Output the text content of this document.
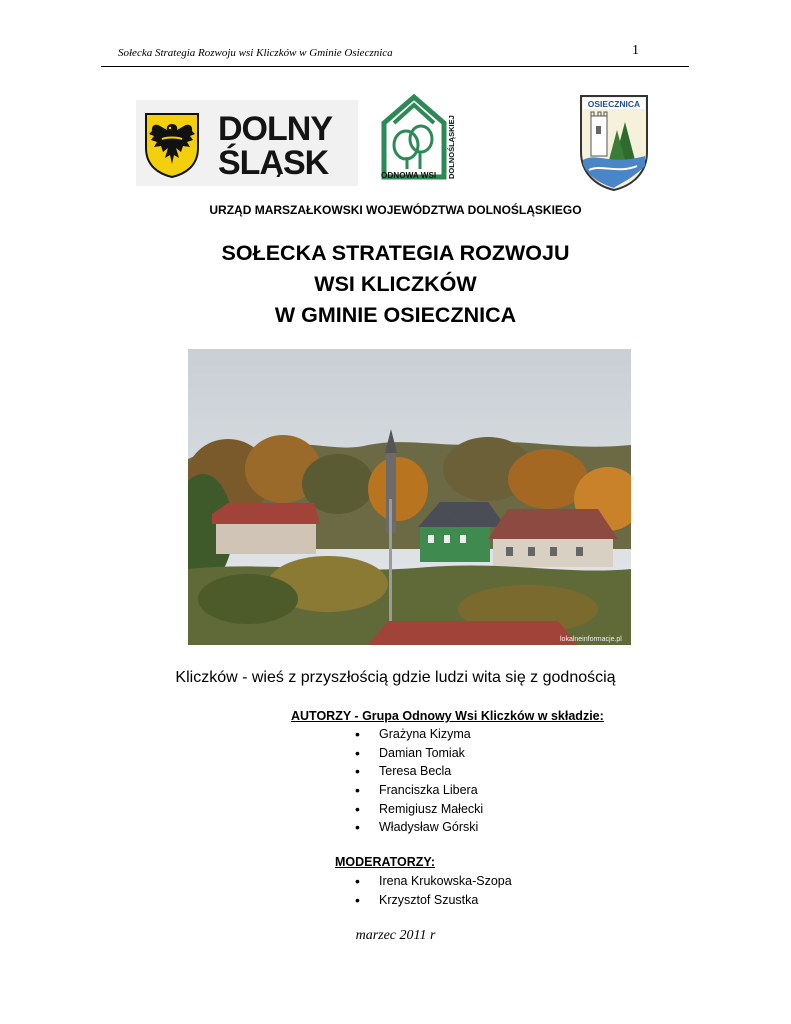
Sołecka Strategia Rozwoju wsi Kliczków w Gminie Osiecznica	1
DOLNY
ŚLĄSK	ODNOWA WSI DOLNOŚLĄSKIEJ
OSIECZNICA
URZĄD MARSZAŁKOWSKI WOJEWÓDZTWA DOLNOŚLĄSKIEGO
SOŁECKA STRATEGIA ROZWOJU
WSI KLICZKÓW
W GMINIE OSIECZNICA
lokalneinformacje.pl
Kliczków - wieś z przyszłością gdzie ludzi wita się z godnością
AUTORZY - Grupa Odnowy Wsi Kliczków w składzie:
• Grażyna Kizyma
• Damian Tomiak
• Teresa Becla
• Franciszka Libera
• Remigiusz Małecki
• Władysław Górski
MODERATORZY:
• Irena Krukowska-Szopa
• Krzysztof Szustka
marzec 2011 r
